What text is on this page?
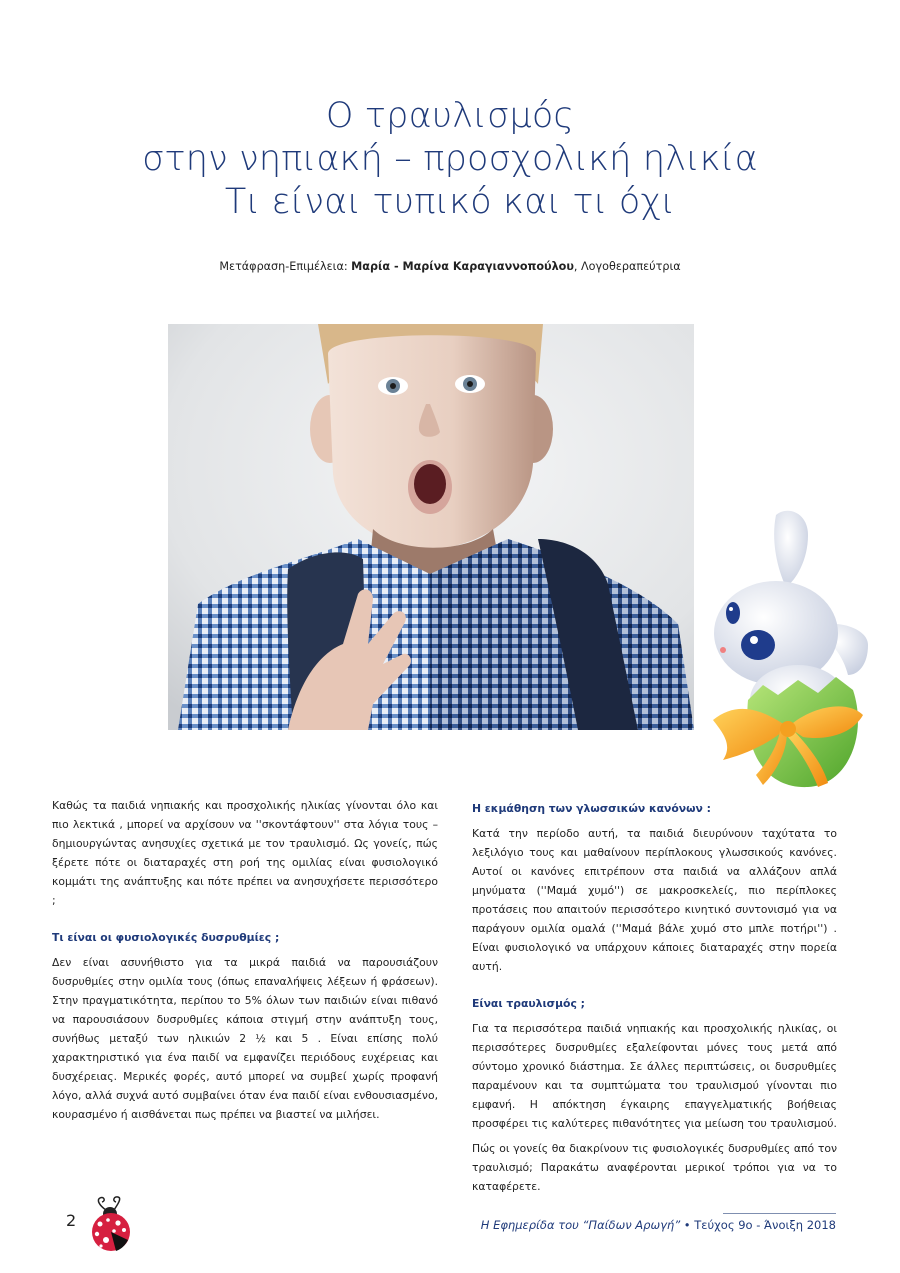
Ο τραυλισμός
στην νηπιακή – προσχολική ηλικία
Τι είναι τυπικό και τι όχι
Μετάφραση-Επιμέλεια: Μαρία - Μαρίνα Καραγιαννοπούλου, Λογοθεραπεύτρια

Καθώς τα παιδιά νηπιακής και προσχολικής ηλικίας γίνονται όλο και πιο λεκτικά , μπορεί να αρχίσουν να ''σκοντάφτουν'' στα λόγια τους – δημιουργώντας ανησυχίες σχετικά με τον τραυλισμό. Ως γονείς, πώς ξέρετε πότε οι διαταραχές στη ροή της ομιλίας είναι φυσιολογικό κομμάτι της ανάπτυξης και πότε πρέπει να ανησυχήσετε περισσότερο ;

Τι είναι οι φυσιολογικές δυσρυθμίες ;

Δεν είναι ασυνήθιστο για τα μικρά παιδιά να παρουσιάζουν δυσρυθμίες στην ομιλία τους (όπως επαναλήψεις λέξεων ή φράσεων). Στην πραγματικότητα, περίπου το 5% όλων των παιδιών είναι πιθανό να παρουσιάσουν δυσρυθμίες κάποια στιγμή στην ανάπτυξη τους, συνήθως μεταξύ των ηλικιών 2 ½ και 5 . Είναι επίσης πολύ χαρακτηριστικό για ένα παιδί να εμφανίζει περιόδους ευχέρειας και δυσχέρειας. Μερικές φορές, αυτό μπορεί να συμβεί χωρίς προφανή λόγο, αλλά συχνά αυτό συμβαίνει όταν ένα παιδί είναι ενθουσιασμένο, κουρασμένο ή αισθάνεται πως πρέπει να βιαστεί να μιλήσει.

Η εκμάθηση των γλωσσικών κανόνων :

Κατά την περίοδο αυτή, τα παιδιά διευρύνουν ταχύτατα το λεξιλόγιο τους και μαθαίνουν περίπλοκους γλωσσικούς κανόνες. Αυτοί οι κανόνες επιτρέπουν στα παιδιά να αλλάζουν απλά μηνύματα (''Μαμά χυμό'') σε μακροσκελείς, πιο περίπλοκες προτάσεις που απαιτούν περισσότερο κινητικό συντονισμό για να παράγουν ομιλία ομαλά (''Μαμά βάλε χυμό στο μπλε ποτήρι'') . Είναι φυσιολογικό να υπάρχουν κάποιες διαταραχές στην πορεία αυτή.

Είναι τραυλισμός ;

Για τα περισσότερα παιδιά νηπιακής και προσχολικής ηλικίας, οι περισσότερες δυσρυθμίες εξαλείφονται μόνες τους μετά από σύντομο χρονικό διάστημα. Σε άλλες περιπτώσεις, οι δυσρυθμίες παραμένουν και τα συμπτώματα του τραυλισμού γίνονται πιο εμφανή. Η απόκτηση έγκαιρης επαγγελματικής βοήθειας προσφέρει τις καλύτερες πιθανότητες για μείωση του τραυλισμού.

Πώς οι γονείς θα διακρίνουν τις φυσιολογικές δυσρυθμίες από τον τραυλισμό; Παρακάτω αναφέρονται μερικοί τρόποι για να το καταφέρετε.

2	Η Εφημερίδα του “Παίδων Αρωγή” • Τεύχος 9ο - Άνοιξη 2018
